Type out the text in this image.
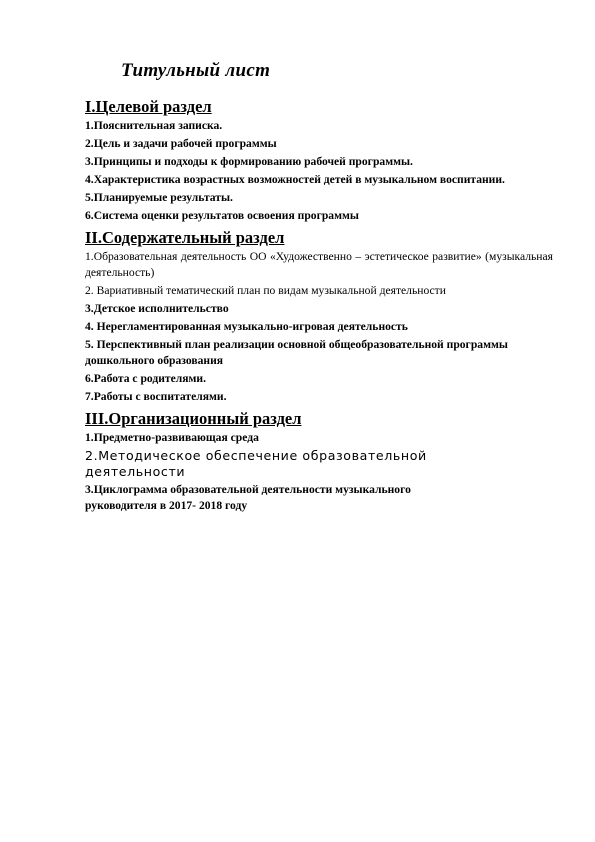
Титульный лист
I.Целевой раздел

1.Пояснительная записка.

2.Цель и задачи рабочей программы

3.Принципы и подходы к формированию рабочей программы.

4.Характеристика возрастных возможностей детей в музыкальном воспитании.

5.Планируемые результаты.

6.Система оценки результатов освоения программы

II.Содержательный раздел

1.Образовательная деятельность ОО «Художественно – эстетическое развитие» (музыкальная деятельность)

2. Вариативный тематический план по видам музыкальной деятельности

3.Детское исполнительство

4. Нерегламентированная музыкально-игровая деятельность

5. Перспективный план реализации основной общеобразовательной программы дошкольного образования

6.Работа с родителями.

7.Работы с воспитателями.

III.Организационный раздел

1.Предметно-развивающая среда

2.Методическое обеспечение образовательной деятельности

3.Циклограмма образовательной деятельности музыкального руководителя в 2017- 2018 году
